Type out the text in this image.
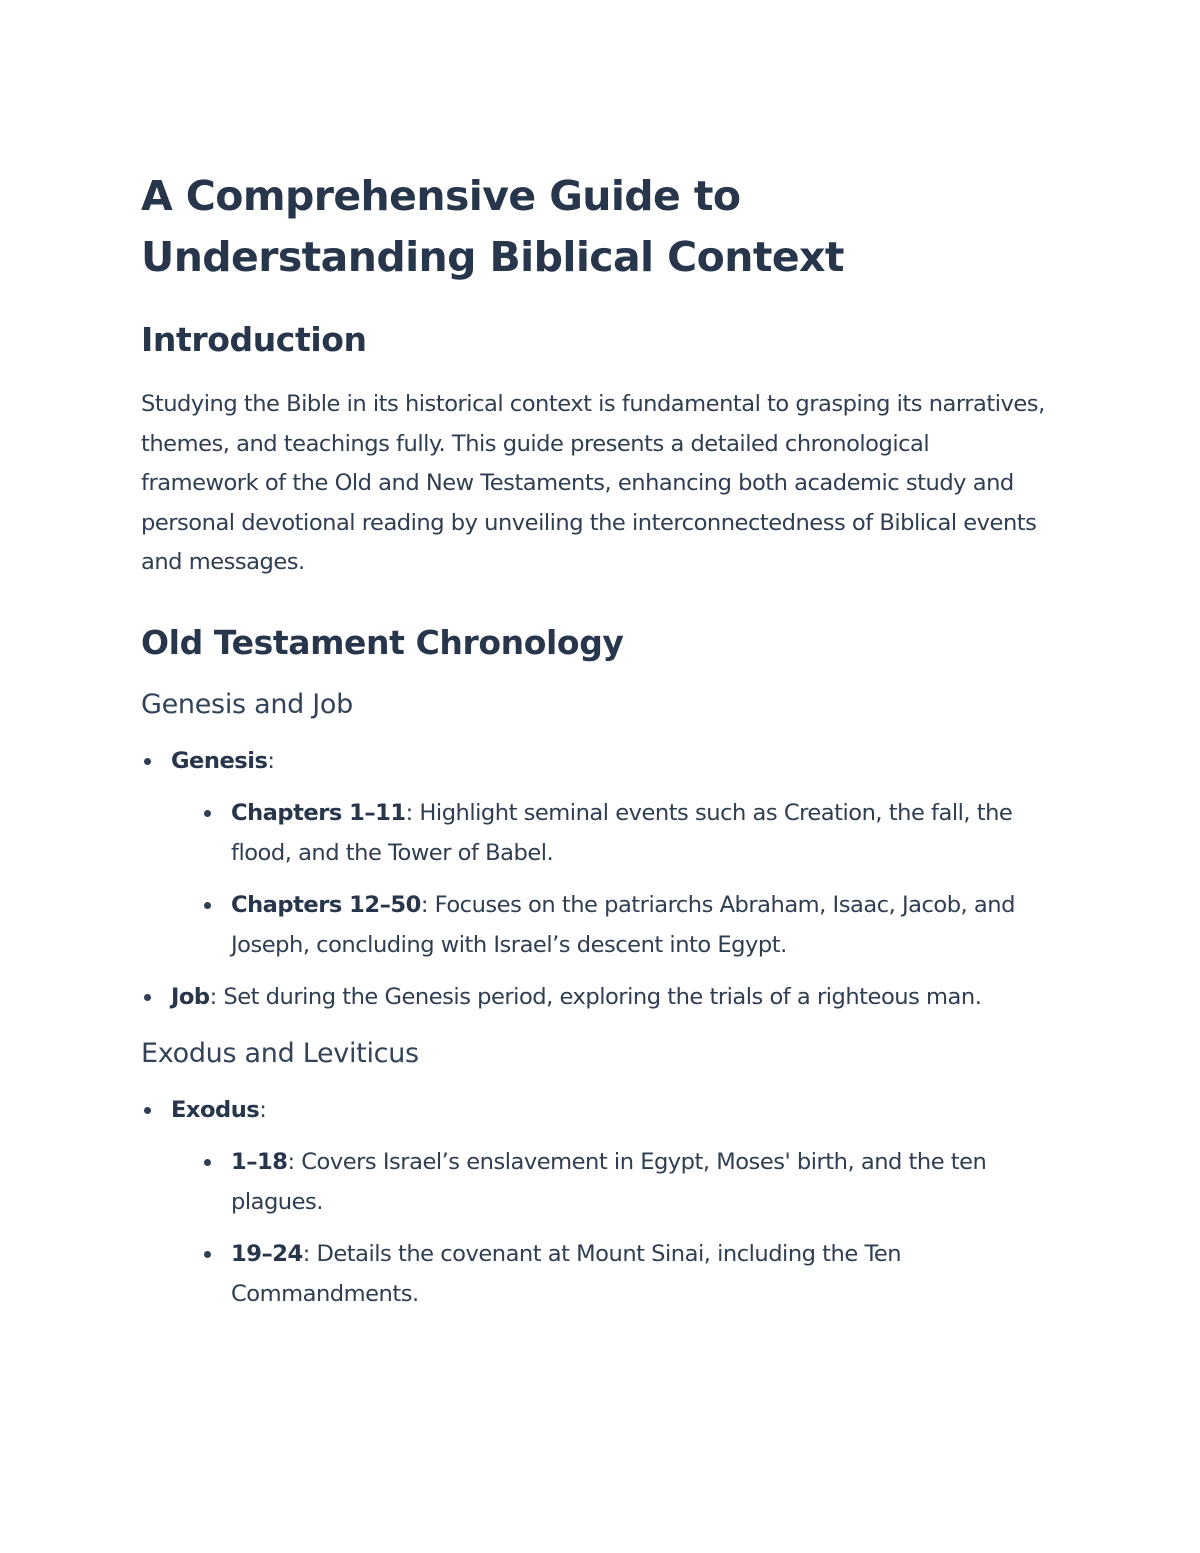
A Comprehensive Guide to Understanding Biblical Context
Introduction

Studying the Bible in its historical context is fundamental to grasping its narratives, themes, and teachings fully. This guide presents a detailed chronological framework of the Old and New Testaments, enhancing both academic study and personal devotional reading by unveiling the interconnectedness of Biblical events and messages.

Old Testament Chronology
Genesis and Job
Genesis:
Chapters 1–11: Highlight seminal events such as Creation, the fall, the flood, and the Tower of Babel.
Chapters 12–50: Focuses on the patriarchs Abraham, Isaac, Jacob, and Joseph, concluding with Israel’s descent into Egypt.
Job: Set during the Genesis period, exploring the trials of a righteous man.
Exodus and Leviticus
Exodus:
1–18: Covers Israel’s enslavement in Egypt, Moses' birth, and the ten plagues.
19–24: Details the covenant at Mount Sinai, including the Ten Commandments.
